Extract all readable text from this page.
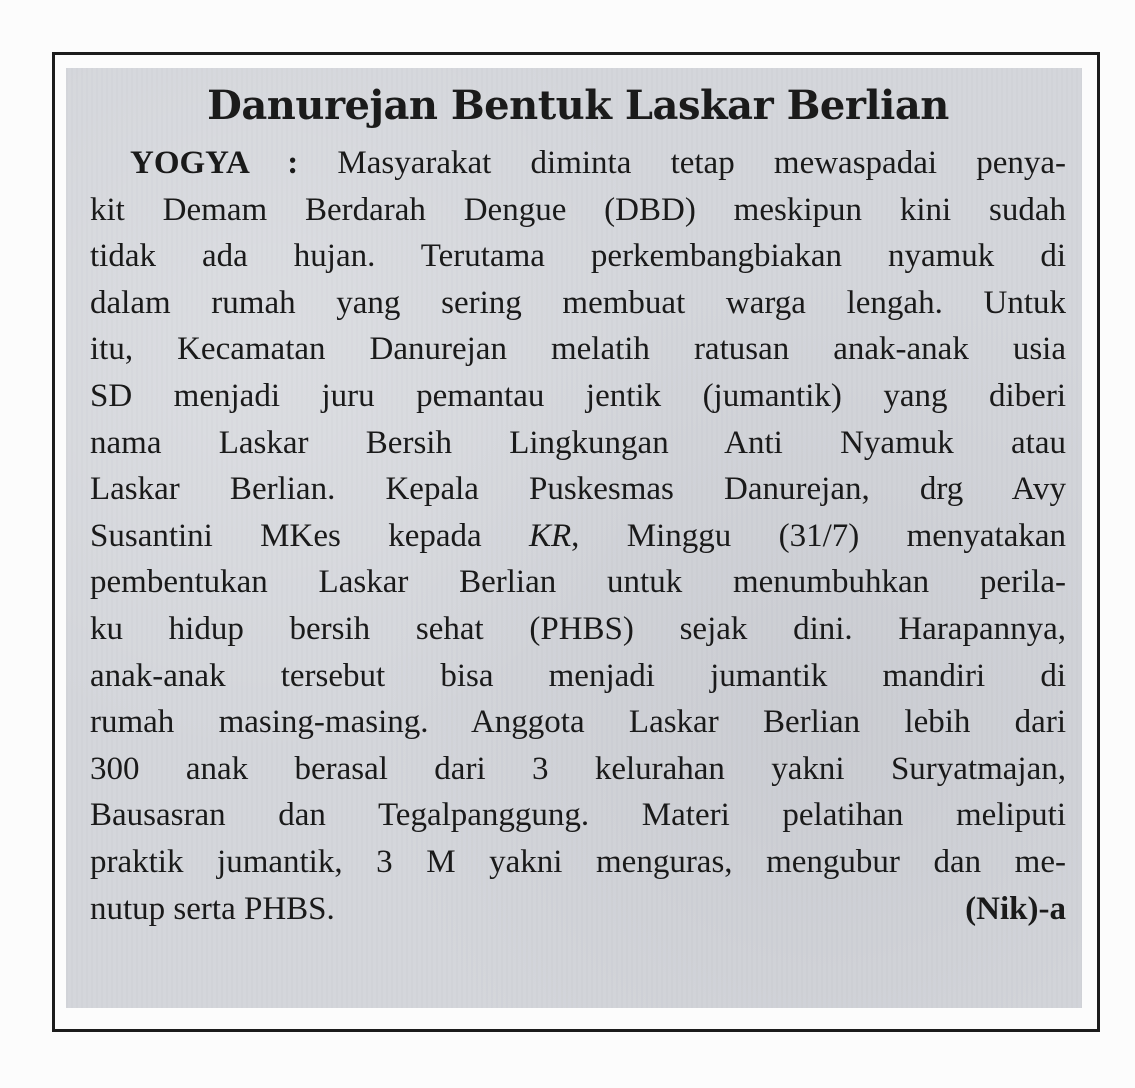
Danurejan Bentuk Laskar Berlian
YOGYA : Masyarakat diminta tetap mewaspadai penya-
kit Demam Berdarah Dengue (DBD) meskipun kini sudah
tidak ada hujan. Terutama perkembangbiakan nyamuk di
dalam rumah yang sering membuat warga lengah. Untuk
itu, Kecamatan Danurejan melatih ratusan anak-anak usia
SD menjadi juru pemantau jentik (jumantik) yang diberi
nama Laskar Bersih Lingkungan Anti Nyamuk atau
Laskar Berlian. Kepala Puskesmas Danurejan, drg Avy
Susantini MKes kepada KR, Minggu (31/7) menyatakan
pembentukan Laskar Berlian untuk menumbuhkan perila-
ku hidup bersih sehat (PHBS) sejak dini. Harapannya,
anak-anak tersebut bisa menjadi jumantik mandiri di
rumah masing-masing. Anggota Laskar Berlian lebih dari
300 anak berasal dari 3 kelurahan yakni Suryatmajan,
Bausasran dan Tegalpanggung. Materi pelatihan meliputi
praktik jumantik, 3 M yakni menguras, mengubur dan me-
nutup serta PHBS.	(Nik)-a
